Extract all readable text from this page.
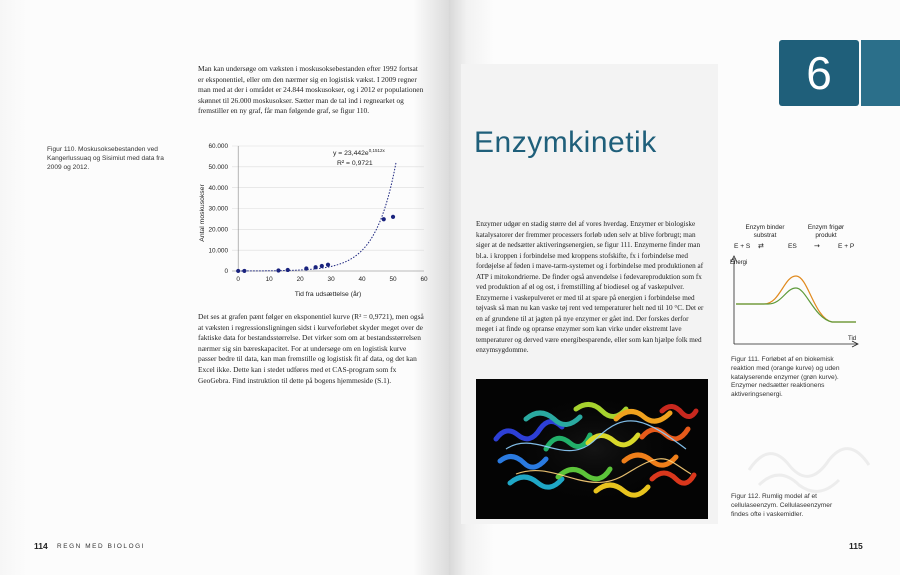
Man kan undersøge om væksten i moskusoksebestanden efter 1992 fortsat er eksponentiel, eller om den nærmer sig en logistisk vækst. I 2009 regner man med at der i området er 24.844 moskusokser, og i 2012 er populationen skønnet til 26.000 moskusokser. Sætter man de tal ind i regnearket og fremstiller en ny graf, får man følgende graf, se figur 110.
Figur 110. Moskusoksebestanden ved Kangerlussuaq og Sisimiut med data fra 2009 og 2012.
0
10.000
20.000
30.000
40.000
50.000
60.000
0	10	20	30	40	50	60
$y = 23,442e^{0,1512x}$
R² = 0,9721
Tid fra udsættelse (år)
Antal moskusokser
Det ses at grafen pænt følger en eksponentiel kurve (R² = 0,9721), men også at væksten i regressionsligningen sidst i kurveforløbet skyder meget over de faktiske data for bestandsstørrelse. Det virker som om at bestandsstørrelsen nærmer sig sin bæreskapacitet. For at undersøge om en logistisk kurve passer bedre til data, kan man fremstille og logistisk fit af data, og det kan Excel ikke. Dette kan i stedet udføres med et CAS-program som fx GeoGebra. Find instruktion til dette på bogens hjemmeside (S.1).
114 REGN MED BIOLOGI
6
Enzymkinetik
Enzymer udgør en stadig større del af vores hverdag. Enzymer er biologiske katalysatorer der fremmer processers forløb uden selv at blive forbrugt; man siger at de nedsætter aktiveringsenergien, se figur 111. Enzymerne finder man bl.a. i kroppen i forbindelse med kroppens stofskifte, fx i forbindelse med fordøjelse af føden i mave-tarm-systemet og i forbindelse med produktionen af ATP i mitokondrierne. De finder også anvendelse i fødevareproduktion som fx ved produktion af øl og ost, i fremstilling af biodiesel og af vaskepulver. Enzymerne i vaskepulveret er med til at spare på energien i forbindelse med tøjvask så man nu kan vaske tøj rent ved temperaturer helt ned til 10 °C. Det er en af grundene til at jagten på nye enzymer er gået ind. Der forskes derfor meget i at finde og opranse enzymer som kan virke under ekstremt lave temperaturer og derved være energibesparende, eller som kan hjælpe folk med enzymsygdomme.
Enzym binder
substrat
Enzym frigør
produkt
E + S ⇄	ES →	E + P
Energi
Tid
Figur 111. Forløbet af en biokemisk reaktion med (orange kurve) og uden katalyserende enzymer (grøn kurve). Enzymer nedsætter reaktionens aktiveringsenergi.
Figur 112. Rumlig model af et cellulaseenzym. Cellulaseenzymer findes ofte i vaskemidler.
115
